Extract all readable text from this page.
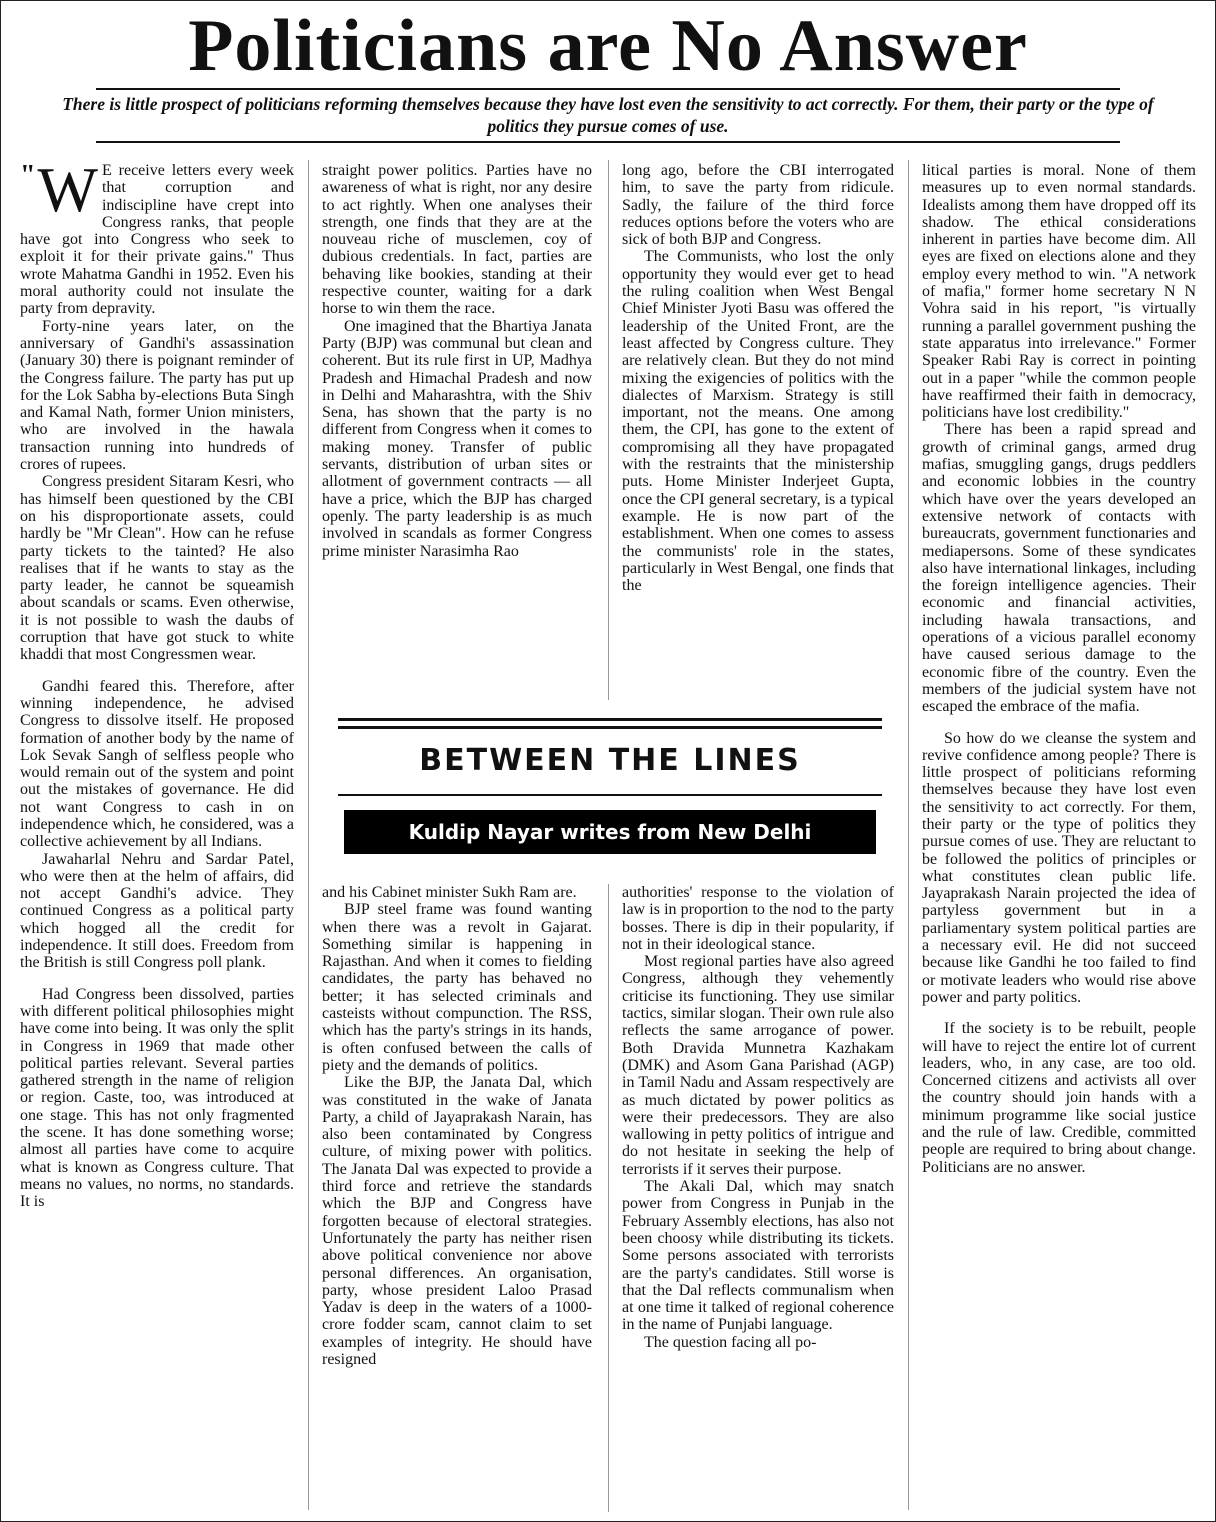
Politicians are No Answer

There is little prospect of politicians reforming themselves because they have lost even the sensitivity to act correctly. For them, their party or the type of politics they pursue comes of use.

" W E receive letters every week that corruption and indiscipline have crept into Congress ranks, that people have got into Congress who seek to exploit it for their private gains." Thus wrote Mahatma Gandhi in 1952. Even his moral authority could not insulate the party from depravity.

Forty-nine years later, on the anniversary of Gandhi's assassination (January 30) there is poignant reminder of the Congress failure. The party has put up for the Lok Sabha by-elections Buta Singh and Kamal Nath, former Union ministers, who are involved in the hawala transaction running into hundreds of crores of rupees.

Congress president Sitaram Kesri, who has himself been questioned by the CBI on his disproportionate assets, could hardly be "Mr Clean". How can he refuse party tickets to the tainted? He also realises that if he wants to stay as the party leader, he cannot be squeamish about scandals or scams. Even otherwise, it is not possible to wash the daubs of corruption that have got stuck to white khaddi that most Congressmen wear.

Gandhi feared this. Therefore, after winning independence, he advised Congress to dissolve itself. He proposed formation of another body by the name of Lok Sevak Sangh of selfless people who would remain out of the system and point out the mistakes of governance. He did not want Congress to cash in on independence which, he considered, was a collective achievement by all Indians.

Jawaharlal Nehru and Sardar Patel, who were then at the helm of affairs, did not accept Gandhi's advice. They continued Congress as a political party which hogged all the credit for independence. It still does. Freedom from the British is still Congress poll plank.

Had Congress been dissolved, parties with different political philosophies might have come into being. It was only the split in Congress in 1969 that made other political parties relevant. Several parties gathered strength in the name of religion or region. Caste, too, was introduced at one stage. This has not only fragmented the scene. It has done something worse; almost all parties have come to acquire what is known as Congress culture. That means no values, no norms, no standards. It is

straight power politics. Parties have no awareness of what is right, nor any desire to act rightly. When one analyses their strength, one finds that they are at the nouveau riche of musclemen, coy of dubious credentials. In fact, parties are behaving like bookies, standing at their respective counter, waiting for a dark horse to win them the race.

One imagined that the Bhartiya Janata Party (BJP) was communal but clean and coherent. But its rule first in UP, Madhya Pradesh and Himachal Pradesh and now in Delhi and Maharashtra, with the Shiv Sena, has shown that the party is no different from Congress when it comes to making money. Transfer of public servants, distribution of urban sites or allotment of government contracts — all have a price, which the BJP has charged openly. The party leadership is as much involved in scandals as former Congress prime minister Narasimha Rao

long ago, before the CBI interrogated him, to save the party from ridicule. Sadly, the failure of the third force reduces options before the voters who are sick of both BJP and Congress.

The Communists, who lost the only opportunity they would ever get to head the ruling coalition when West Bengal Chief Minister Jyoti Basu was offered the leadership of the United Front, are the least affected by Congress culture. They are relatively clean. But they do not mind mixing the exigencies of politics with the dialectes of Marxism. Strategy is still important, not the means. One among them, the CPI, has gone to the extent of compromising all they have propagated with the restraints that the ministership puts. Home Minister Inderjeet Gupta, once the CPI general secretary, is a typical example. He is now part of the establishment. When one comes to assess the communists' role in the states, particularly in West Bengal, one finds that the

BETWEEN THE LINES
Kuldip Nayar writes from New Delhi

and his Cabinet minister Sukh Ram are.

BJP steel frame was found wanting when there was a revolt in Gajarat. Something similar is happening in Rajasthan. And when it comes to fielding candidates, the party has behaved no better; it has selected criminals and casteists without compunction. The RSS, which has the party's strings in its hands, is often confused between the calls of piety and the demands of politics.

Like the BJP, the Janata Dal, which was constituted in the wake of Janata Party, a child of Jayaprakash Narain, has also been contaminated by Congress culture, of mixing power with politics. The Janata Dal was expected to provide a third force and retrieve the standards which the BJP and Congress have forgotten because of electoral strategies. Unfortunately the party has neither risen above political convenience nor above personal differences. An organisation, party, whose president Laloo Prasad Yadav is deep in the waters of a 1000-crore fodder scam, cannot claim to set examples of integrity. He should have resigned

authorities' response to the violation of law is in proportion to the nod to the party bosses. There is dip in their popularity, if not in their ideological stance.

Most regional parties have also agreed Congress, although they vehemently criticise its functioning. They use similar tactics, similar slogan. Their own rule also reflects the same arrogance of power. Both Dravida Munnetra Kazhakam (DMK) and Asom Gana Parishad (AGP) in Tamil Nadu and Assam respectively are as much dictated by power politics as were their predecessors. They are also wallowing in petty politics of intrigue and do not hesitate in seeking the help of terrorists if it serves their purpose.

The Akali Dal, which may snatch power from Congress in Punjab in the February Assembly elections, has also not been choosy while distributing its tickets. Some persons associated with terrorists are the party's candidates. Still worse is that the Dal reflects communalism when at one time it talked of regional coherence in the name of Punjabi language.

The question facing all po-

litical parties is moral. None of them measures up to even normal standards. Idealists among them have dropped off its shadow. The ethical considerations inherent in parties have become dim. All eyes are fixed on elections alone and they employ every method to win. "A network of mafia," former home secretary N N Vohra said in his report, "is virtually running a parallel government pushing the state apparatus into irrelevance." Former Speaker Rabi Ray is correct in pointing out in a paper "while the common people have reaffirmed their faith in democracy, politicians have lost credibility."

There has been a rapid spread and growth of criminal gangs, armed drug mafias, smuggling gangs, drugs peddlers and economic lobbies in the country which have over the years developed an extensive network of contacts with bureaucrats, government functionaries and mediapersons. Some of these syndicates also have international linkages, including the foreign intelligence agencies. Their economic and financial activities, including hawala transactions, and operations of a vicious parallel economy have caused serious damage to the economic fibre of the country. Even the members of the judicial system have not escaped the embrace of the mafia.

So how do we cleanse the system and revive confidence among people? There is little prospect of politicians reforming themselves because they have lost even the sensitivity to act correctly. For them, their party or the type of politics they pursue comes of use. They are reluctant to be followed the politics of principles or what constitutes clean public life. Jayaprakash Narain projected the idea of partyless government but in a parliamentary system political parties are a necessary evil. He did not succeed because like Gandhi he too failed to find or motivate leaders who would rise above power and party politics.

If the society is to be rebuilt, people will have to reject the entire lot of current leaders, who, in any case, are too old. Concerned citizens and activists all over the country should join hands with a minimum programme like social justice and the rule of law. Credible, committed people are required to bring about change. Politicians are no answer.
